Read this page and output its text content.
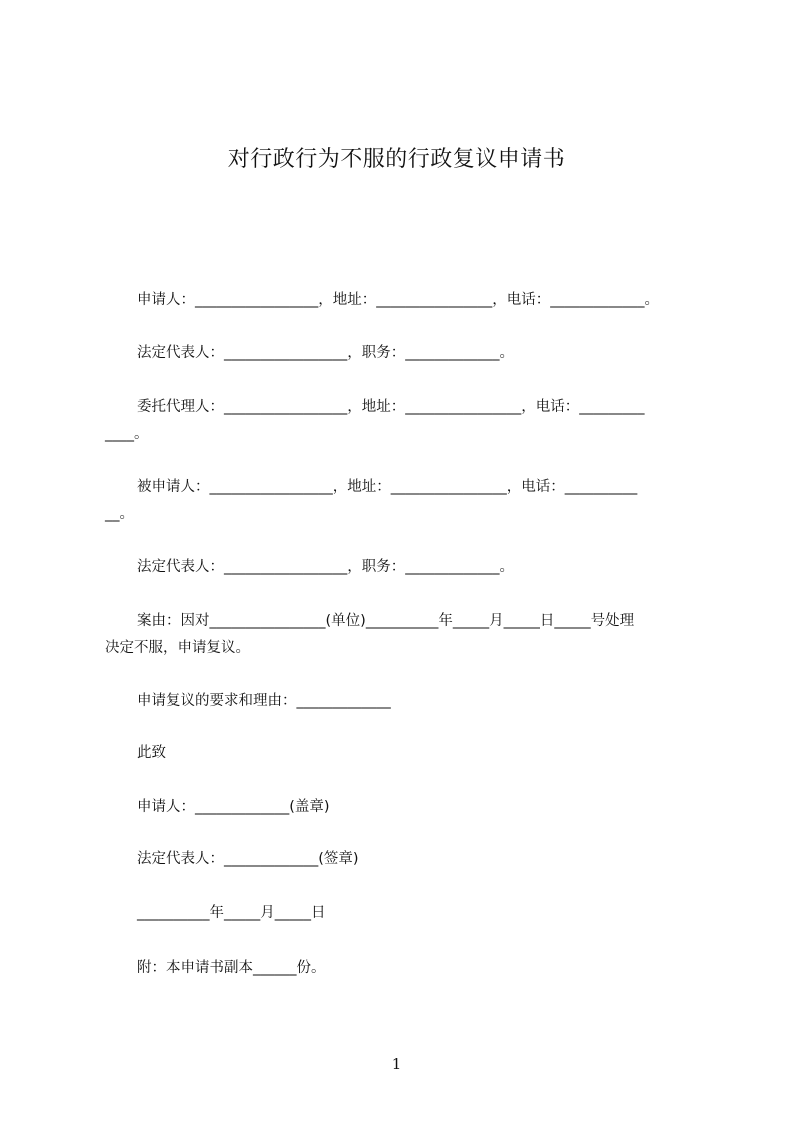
对行政行为不服的行政复议申请书
申请人：_________________，地址：________________，电话：_____________。
法定代表人：_________________，职务：_____________。
委托代理人：_________________，地址：________________，电话：_________
____。
被申请人：_________________，地址：________________，电话：__________
__。
法定代表人：_________________，职务：_____________。
案由：因对________________(单位)__________年_____月_____日_____号处理
决定不服，申请复议。
申请复议的要求和理由：_____________
此致
申请人：_____________(盖章)
法定代表人：_____________(签章)
__________年_____月_____日
附：本申请书副本______份。
1
